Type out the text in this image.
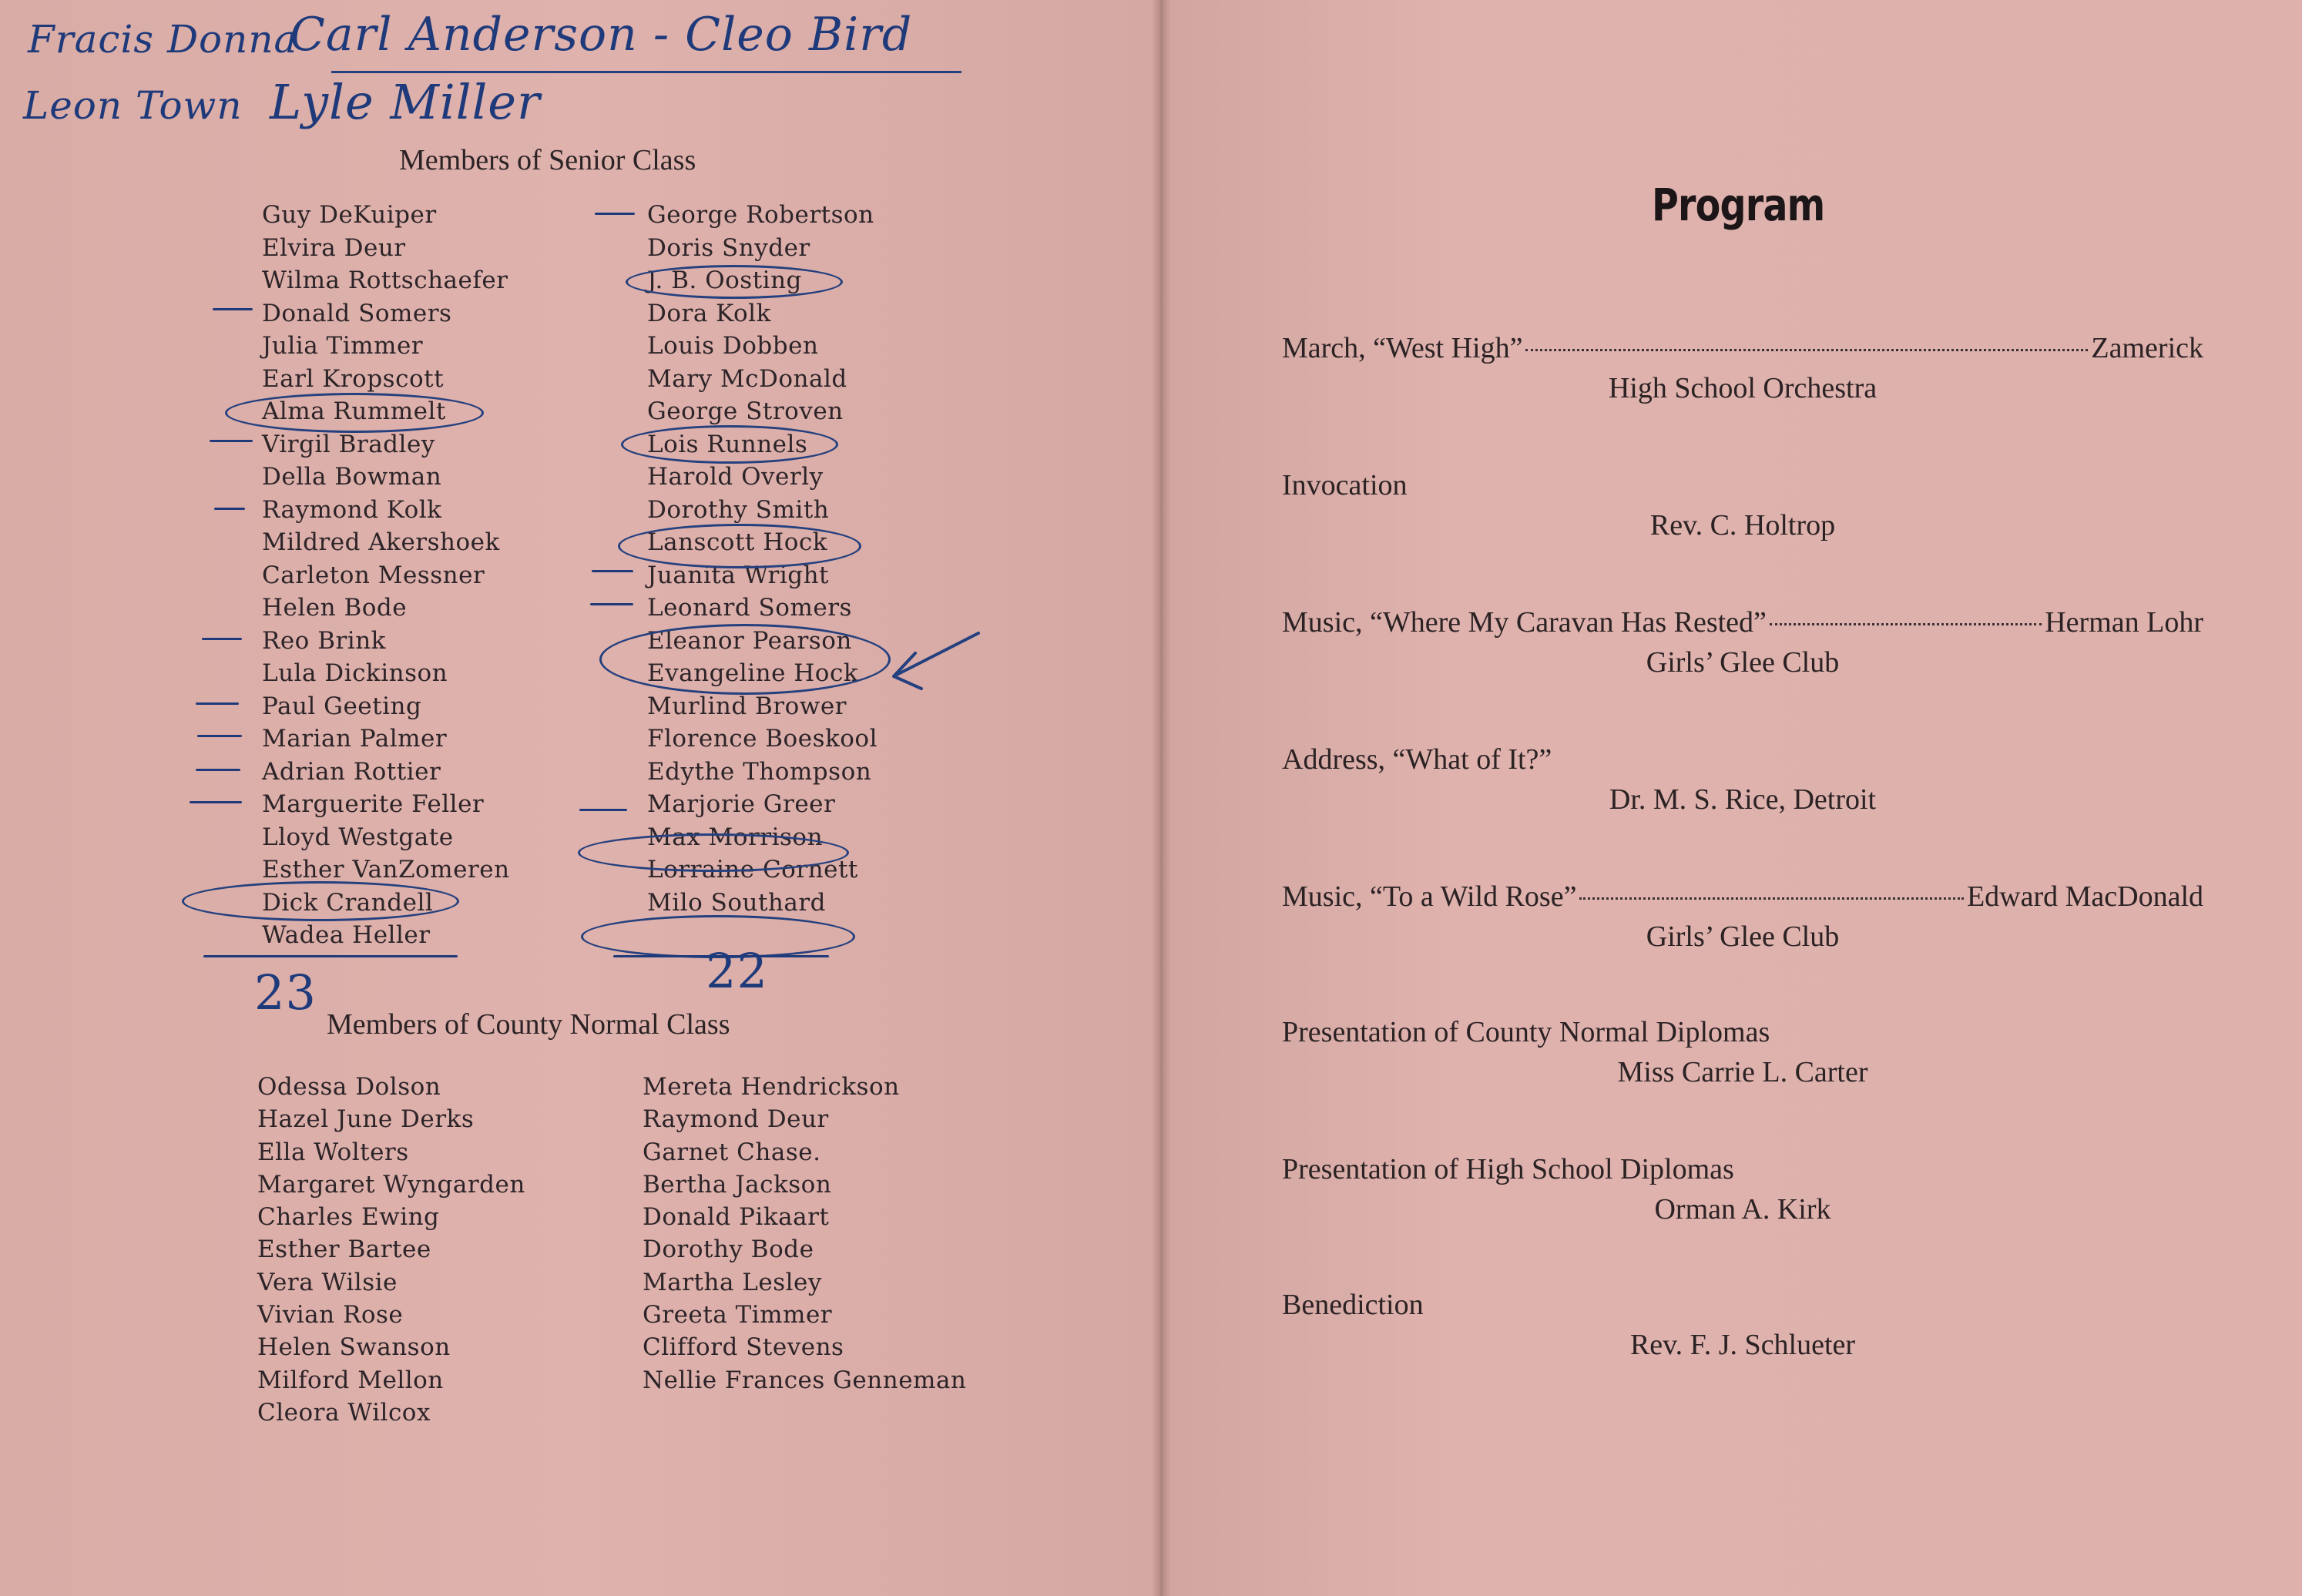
Fracis Donna
Carl Anderson - Cleo Bird
Leon Town Lyle Miller
Members of Senior Class
Guy DeKuiper
Elvira Deur
Wilma Rottschaefer
Donald Somers
Julia Timmer
Earl Kropscott
Alma Rummelt
Virgil Bradley
Della Bowman
Raymond Kolk
Mildred Akershoek
Carleton Messner
Helen Bode
Reo Brink
Lula Dickinson
Paul Geeting
Marian Palmer
Adrian Rottier
Marguerite Feller
Lloyd Westgate
Esther VanZomeren
Dick Crandell
Wadea Heller
George Robertson
Doris Snyder
J. B. Oosting
Dora Kolk
Louis Dobben
Mary McDonald
George Stroven
Lois Runnels
Harold Overly
Dorothy Smith
Lanscott Hock
Juanita Wright
Leonard Somers
Eleanor Pearson
Evangeline Hock
Murlind Brower
Florence Boeskool
Edythe Thompson
Marjorie Greer
Max Morrison
Lorraine Cornett
Milo Southard
23	22
Members of County Normal Class
Odessa Dolson
Hazel June Derks
Ella Wolters
Margaret Wyngarden
Charles Ewing
Esther Bartee
Vera Wilsie
Vivian Rose
Helen Swanson
Milford Mellon
Cleora Wilcox
Mereta Hendrickson
Raymond Deur
Garnet Chase.
Bertha Jackson
Donald Pikaart
Dorothy Bode
Martha Lesley
Greeta Timmer
Clifford Stevens
Nellie Frances Genneman
Program
March, “West High”	Zamerick
High School Orchestra
Invocation
Rev. C. Holtrop
Music, “Where My Caravan Has Rested”	Herman Lohr
Girls’ Glee Club
Address, “What of It?”
Dr. M. S. Rice, Detroit
Music, “To a Wild Rose”	Edward MacDonald
Girls’ Glee Club
Presentation of County Normal Diplomas
Miss Carrie L. Carter
Presentation of High School Diplomas
Orman A. Kirk
Benediction
Rev. F. J. Schlueter
